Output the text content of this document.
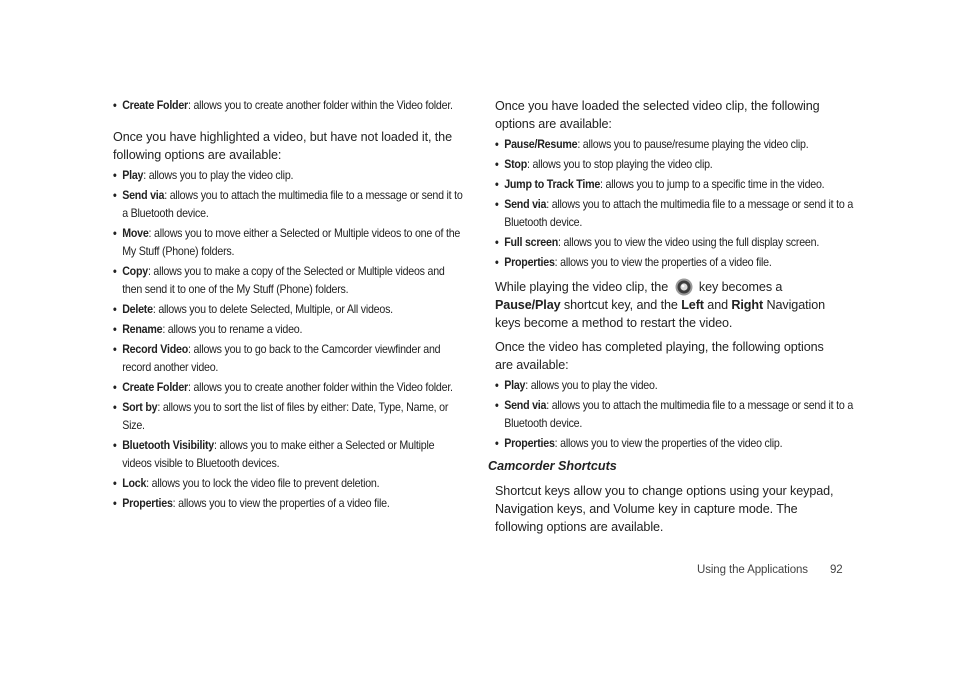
• Create Folder: allows you to create another folder within the Video folder.

Once you have highlighted a video, but have not loaded it, the following options are available:

• Play: allows you to play the video clip.
• Send via: allows you to attach the multimedia file to a message or send it to a Bluetooth device.
• Move: allows you to move either a Selected or Multiple videos to one of the My Stuff (Phone) folders.
• Copy: allows you to make a copy of the Selected or Multiple videos and then send it to one of the My Stuff (Phone) folders.
• Delete: allows you to delete Selected, Multiple, or All videos.
• Rename: allows you to rename a video.
• Record Video: allows you to go back to the Camcorder viewfinder and record another video.
• Create Folder: allows you to create another folder within the Video folder.
• Sort by: allows you to sort the list of files by either: Date, Type, Name, or Size.
• Bluetooth Visibility: allows you to make either a Selected or Multiple videos visible to Bluetooth devices.
• Lock: allows you to lock the video file to prevent deletion.
• Properties: allows you to view the properties of a video file.

Once you have loaded the selected video clip, the following options are available:

• Pause/Resume: allows you to pause/resume playing the video clip.
• Stop: allows you to stop playing the video clip.
• Jump to Track Time: allows you to jump to a specific time in the video.
• Send via: allows you to attach the multimedia file to a message or send it to a Bluetooth device.
• Full screen: allows you to view the video using the full display screen.
• Properties: allows you to view the properties of a video file.

While playing the video clip, the  key becomes a Pause/Play shortcut key, and the Left and Right Navigation keys become a method to restart the video.

Once the video has completed playing, the following options are available:

• Play: allows you to play the video.
• Send via: allows you to attach the multimedia file to a message or send it to a Bluetooth device.
• Properties: allows you to view the properties of the video clip.
Camcorder Shortcuts

Shortcut keys allow you to change options using your keypad, Navigation keys, and Volume key in capture mode. The following options are available.

Using the Applications 92
